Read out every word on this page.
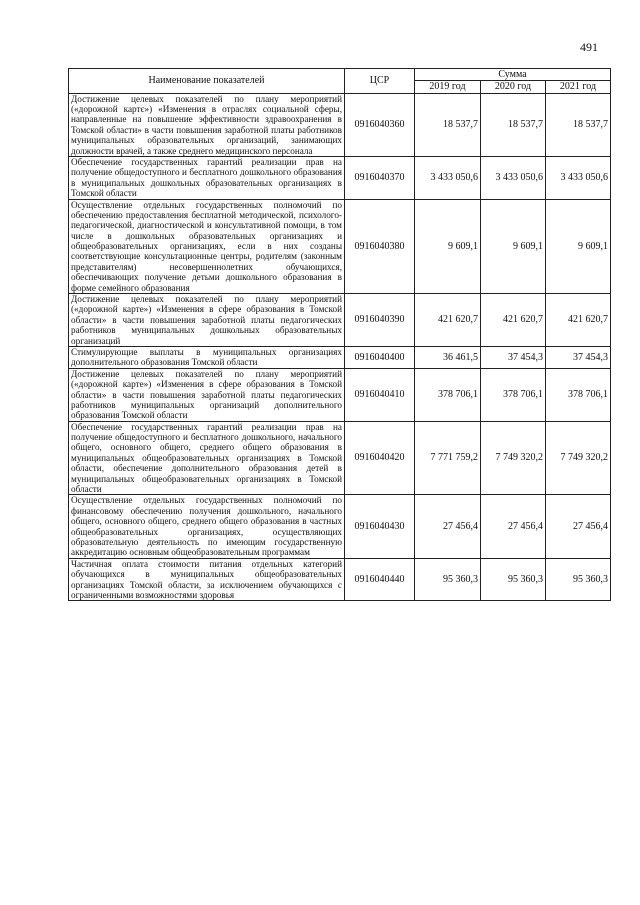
491
Наименование показателей	ЦСР	Сумма		
		2019 год	2020 год	2021 год
Достижение целевых показателей по плану мероприятий («дорожной картє») «Изменения в отраслях социальной сферы, направленные на повышение эффективности здравоохранения в Томской области» в части повышения заработной платы работников муниципальных образовательных организаций, занимающих должности врачей, а также среднего медицинского персонала	0916040360	18 537,7	18 537,7	18 537,7
Обеспечение государственных гарантий реализации прав на получение общедоступного и бесплатного дошкольного образования в муниципальных дошкольных образовательных организациях в Томской области	0916040370	3 433 050,6	3 433 050,6	3 433 050,6
Осуществление отдельных государственных полномочий по обеспечению предоставления бесплатной методической, психолого-педагогической, диагностической и консультативной помощи, в том числе в дошкольных образовательных организациях и общеобразовательных организациях, если в них созданы соответствующие консультационные центры, родителям (законным представителям) несовершеннолетних обучающихся, обеспечивающих получение детьми дошкольного образования в форме семейного образования	0916040380	9 609,1	9 609,1	9 609,1
Достижение целевых показателей по плану мероприятий («дорожной карте») «Изменения в сфере образования в Томской области» в части повышения заработной платы педагогических работников муниципальных дошкольных образовательных организаций	0916040390	421 620,7	421 620,7	421 620,7
Стимулирующие выплаты в муниципальных организациях дополнительного образования Томской области	0916040400	36 461,5	37 454,3	37 454,3
Достижение целевых показателей по плану мероприятий («дорожной карте») «Изменения в сфере образования в Томской области» в части повышения заработной платы педагогических работников муниципальных организаций дополнительного образования Томской области	0916040410	378 706,1	378 706,1	378 706,1
Обеспечение государственных гарантий реализации прав на получение общедоступного и бесплатного дошкольного, начального общего, основного общего, среднего общего образования в муниципальных общеобразовательных организациях в Томской области, обеспечение дополнительного образования детей в муниципальных общеобразовательных организациях в Томской области	0916040420	7 771 759,2	7 749 320,2	7 749 320,2
Осуществление отдельных государственных полномочий по финансовому обеспечению получения дошкольного, начального общего, основного общего, среднего общего образования в частных общеобразовательных организациях, осуществляющих образовательную деятельность по имеющим государственную аккредитацию основным общеобразовательным программам	0916040430	27 456,4	27 456,4	27 456,4
Частичная оплата стоимости питания отдельных категорий обучающихся в муниципальных общеобразовательных организациях Томской области, за исключением обучающихся с ограниченными возможностями здоровья	0916040440	95 360,3	95 360,3	95 360,3
